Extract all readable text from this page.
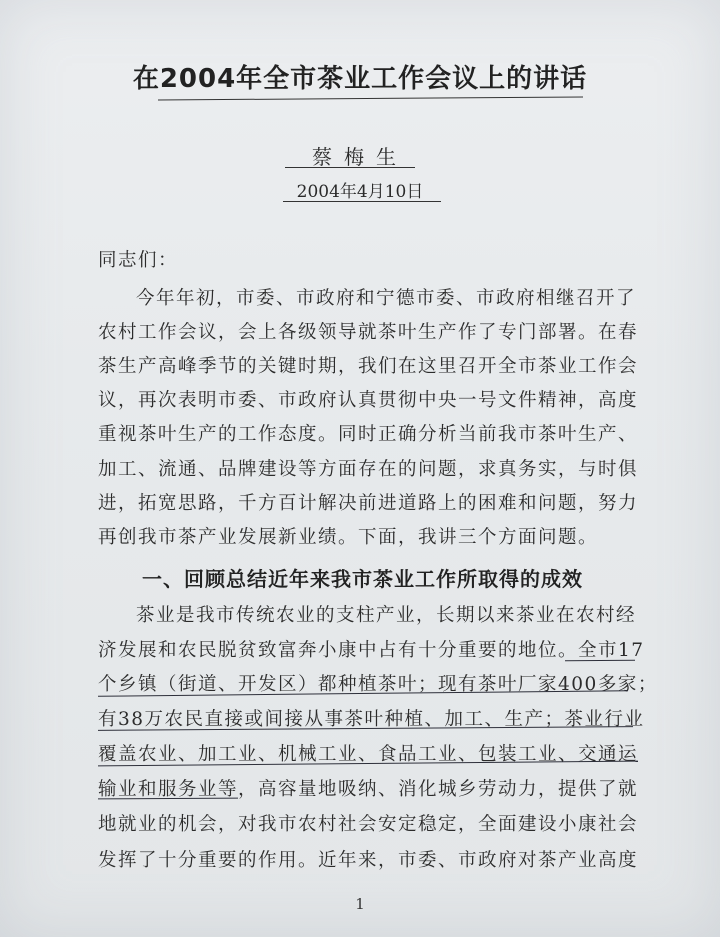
在2004年全市茶业工作会议上的讲话
蔡梅生
2004年4月10日
同志们：
今年年初，市委、市政府和宁德市委、市政府相继召开了
农村工作会议，会上各级领导就茶叶生产作了专门部署。在春
茶生产高峰季节的关键时期，我们在这里召开全市茶业工作会
议，再次表明市委、市政府认真贯彻中央一号文件精神，高度
重视茶叶生产的工作态度。同时正确分析当前我市茶叶生产、
加工、流通、品牌建设等方面存在的问题，求真务实，与时俱
进，拓宽思路，千方百计解决前进道路上的困难和问题，努力
再创我市茶产业发展新业绩。下面，我讲三个方面问题。
一、回顾总结近年来我市茶业工作所取得的成效
茶业是我市传统农业的支柱产业，长期以来茶业在农村经
济发展和农民脱贫致富奔小康中占有十分重要的地位。全市17
个乡镇（街道、开发区）都种植茶叶；现有茶叶厂家400多家；
有38万农民直接或间接从事茶叶种植、加工、生产；茶业行业
覆盖农业、加工业、机械工业、食品工业、包装工业、交通运
输业和服务业等，高容量地吸纳、消化城乡劳动力，提供了就
地就业的机会，对我市农村社会安定稳定，全面建设小康社会
发挥了十分重要的作用。近年来，市委、市政府对茶产业高度
1
